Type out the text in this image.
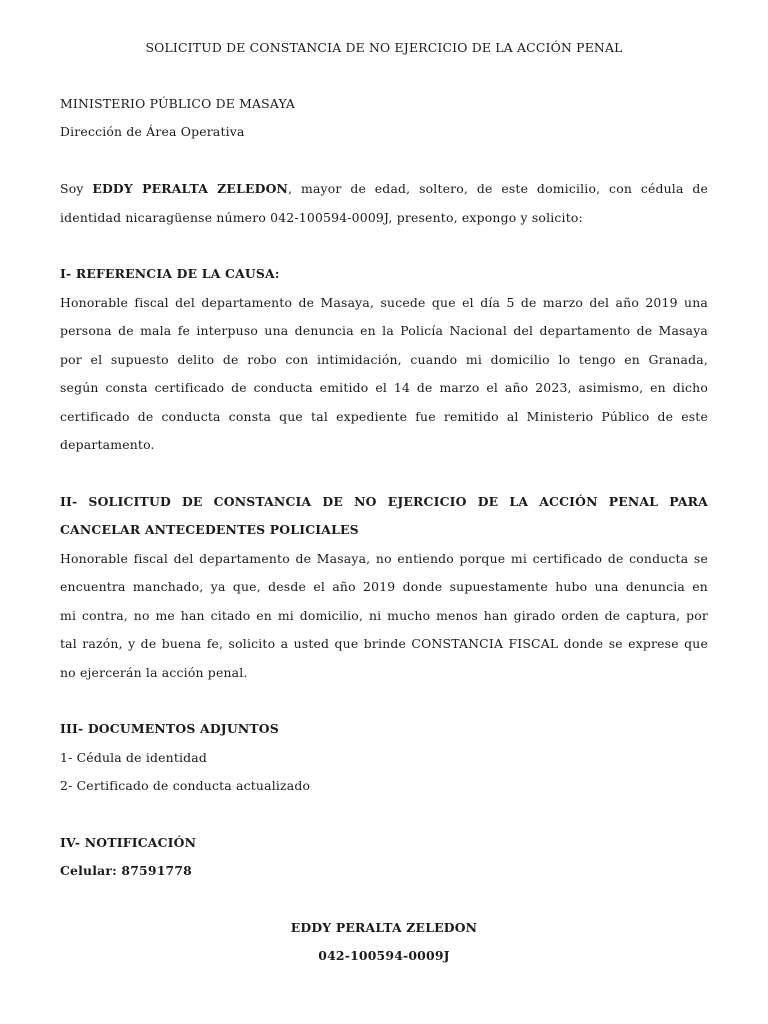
SOLICITUD DE CONSTANCIA DE NO EJERCICIO DE LA ACCIÓN PENAL
MINISTERIO PÚBLICO DE MASAYA
Dirección de Área Operativa
Soy EDDY PERALTA ZELEDON, mayor de edad, soltero, de este domicilio, con cédula de
identidad nicaragüense número 042-100594-0009J, presento, expongo y solicito:
I- REFERENCIA DE LA CAUSA:
Honorable fiscal del departamento de Masaya, sucede que el día 5 de marzo del año 2019 una
persona de mala fe interpuso una denuncia en la Policía Nacional del departamento de Masaya
por el supuesto delito de robo con intimidación, cuando mi domicilio lo tengo en Granada,
según consta certificado de conducta emitido el 14 de marzo el año 2023, asimismo, en dicho
certificado de conducta consta que tal expediente fue remitido al Ministerio Público de este
departamento.
II- SOLICITUD DE CONSTANCIA DE NO EJERCICIO DE LA ACCIÓN PENAL PARA
CANCELAR ANTECEDENTES POLICIALES
Honorable fiscal del departamento de Masaya, no entiendo porque mi certificado de conducta se
encuentra manchado, ya que, desde el año 2019 donde supuestamente hubo una denuncia en
mi contra, no me han citado en mi domicilio, ni mucho menos han girado orden de captura, por
tal razón, y de buena fe, solicito a usted que brinde CONSTANCIA FISCAL donde se exprese que
no ejercerán la acción penal.
III- DOCUMENTOS ADJUNTOS
1- Cédula de identidad
2- Certificado de conducta actualizado
IV- NOTIFICACIÓN
Celular: 87591778
EDDY PERALTA ZELEDON
042-100594-0009J
